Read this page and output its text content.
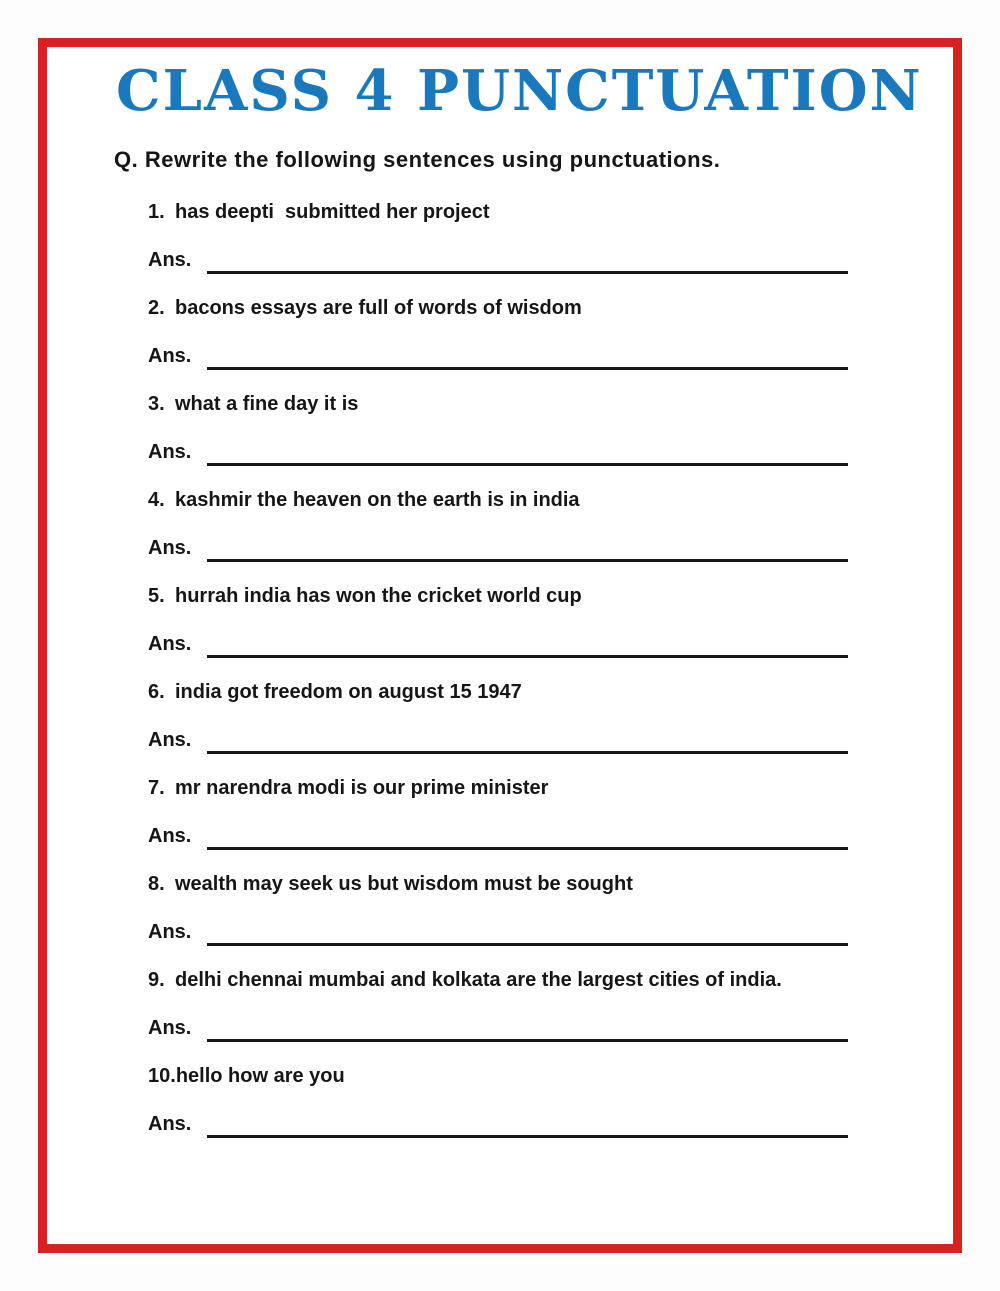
CLASS 4 PUNCTUATION
Q. Rewrite the following sentences using punctuations.
1. has deepti  submitted her project
Ans.
2. bacons essays are full of words of wisdom
Ans.
3. what a fine day it is
Ans.
4. kashmir the heaven on the earth is in india
Ans.
5. hurrah india has won the cricket world cup
Ans.
6. india got freedom on august 15 1947
Ans.
7. mr narendra modi is our prime minister
Ans.
8. wealth may seek us but wisdom must be sought
Ans.
9. delhi chennai mumbai and kolkata are the largest cities of india.
Ans.
10. hello how are you
Ans.
